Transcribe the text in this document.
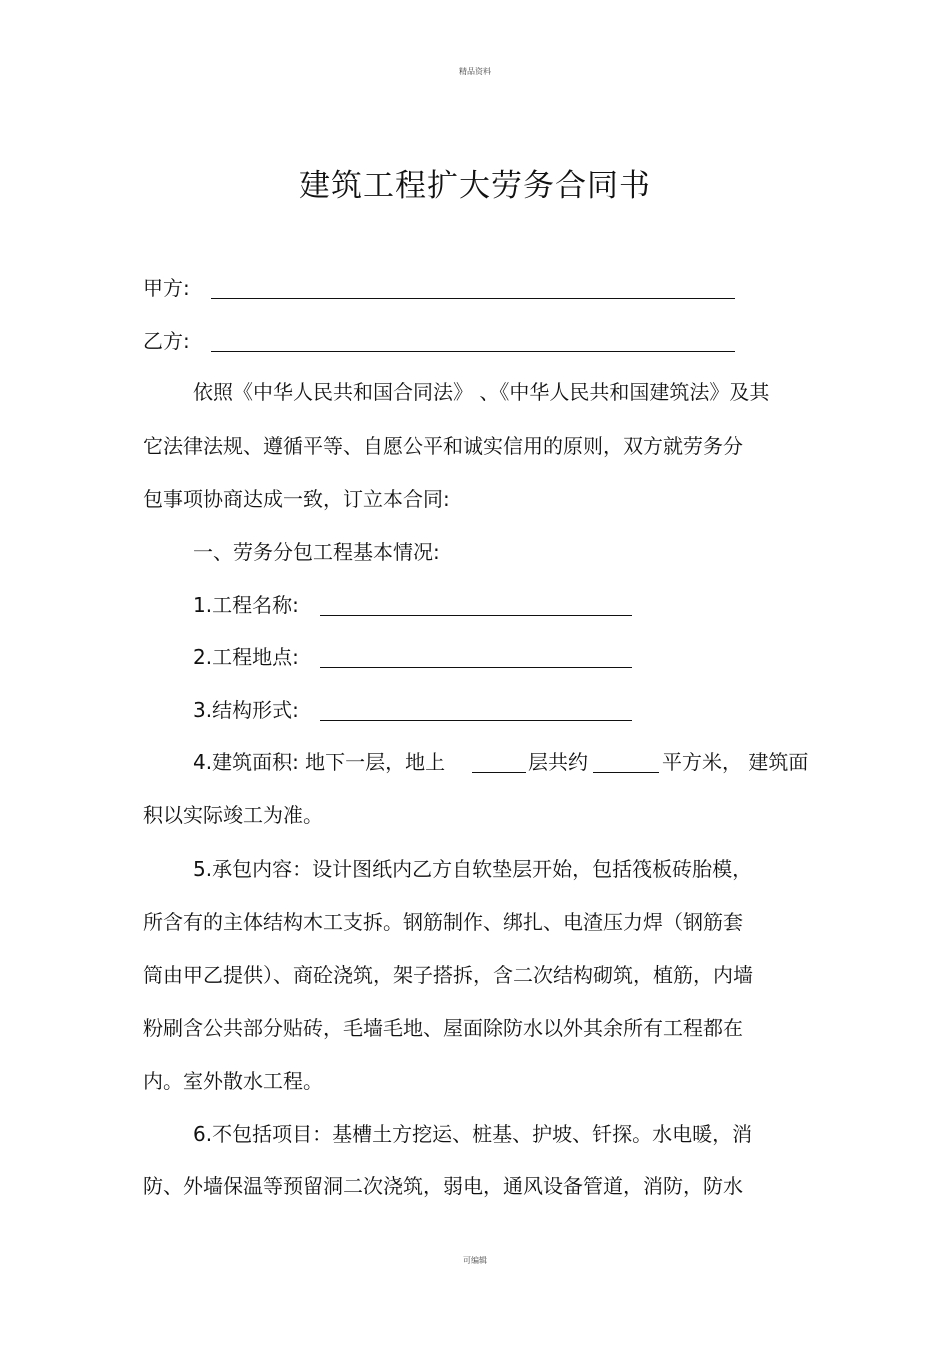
精品资料
建筑工程扩大劳务合同书
甲方:
乙方:
依照《中华人民共和国合同法》 、《中华人民共和国建筑法》及其
它法律法规、遵循平等、自愿公平和诚实信用的原则，双方就劳务分
包事项协商达成一致，订立本合同:
一、劳务分包工程基本情况:
1.工程名称:
2.工程地点:
3.结构形式:
4.建筑面积: 地下一层，地上	层共约	平方米， 建筑面
积以实际竣工为准。
5.承包内容：设计图纸内乙方自软垫层开始，包括筏板砖胎模，
所含有的主体结构木工支拆。钢筋制作、绑扎、电渣压力焊（钢筋套
筒由甲乙提供）、商砼浇筑，架子搭拆，含二次结构砌筑，植筋，内墙
粉刷含公共部分贴砖，毛墙毛地、屋面除防水以外其余所有工程都在
内。室外散水工程。
6.不包括项目：基槽土方挖运、桩基、护坡、钎探。水电暖，消
防、外墙保温等预留洞二次浇筑，弱电，通风设备管道，消防，防水
可编辑
